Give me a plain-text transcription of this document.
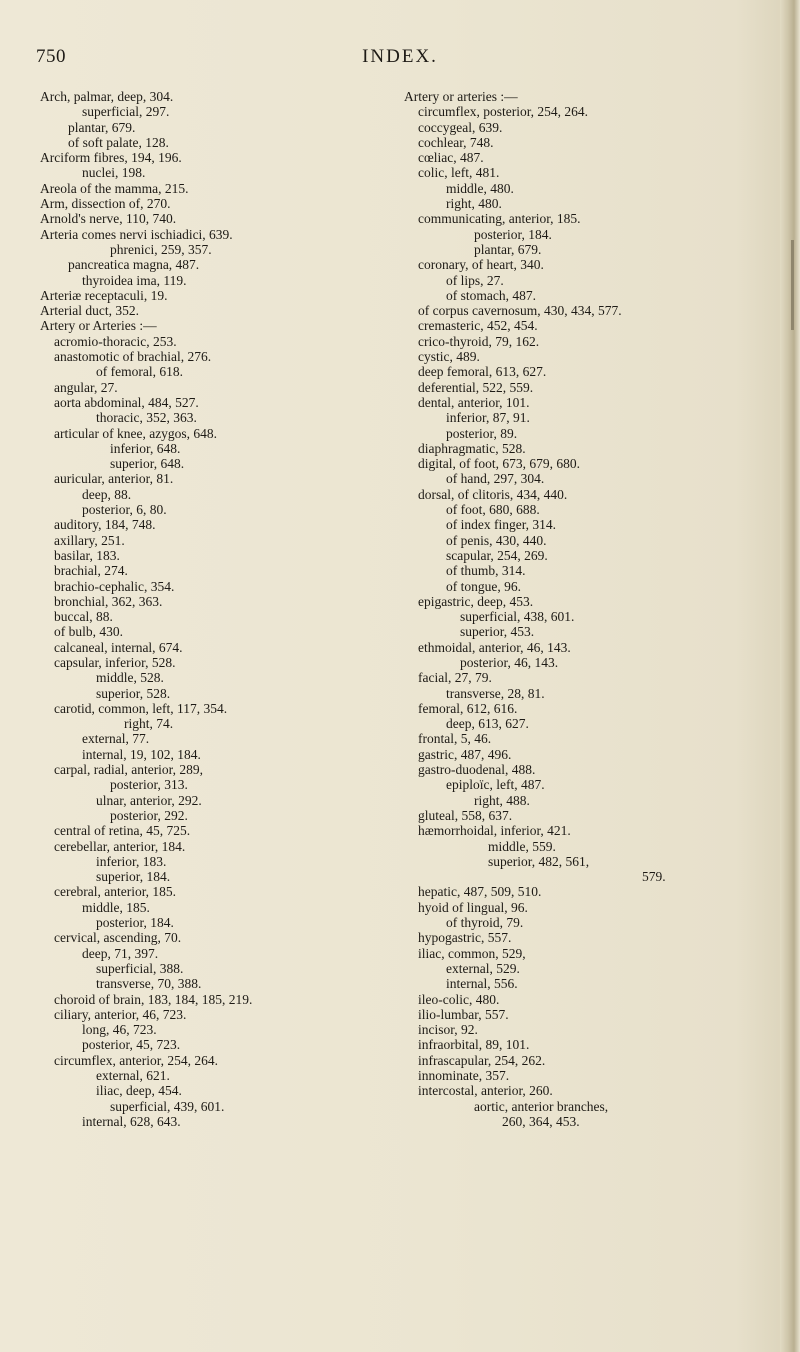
750	INDEX.
Arch, palmar, deep, 304.
superficial, 297.
plantar, 679.
of soft palate, 128.
Arciform fibres, 194, 196.
nuclei, 198.
Areola of the mamma, 215.
Arm, dissection of, 270.
Arnold's nerve, 110, 740.
Arteria comes nervi ischiadici, 639.
phrenici, 259, 357.
pancreatica magna, 487.
thyroidea ima, 119.
Arteriæ receptaculi, 19.
Arterial duct, 352.
Artery or Arteries :—
acromio-thoracic, 253.
anastomotic of brachial, 276.
of femoral, 618.
angular, 27.
aorta abdominal, 484, 527.
thoracic, 352, 363.
articular of knee, azygos, 648.
inferior, 648.
superior, 648.
auricular, anterior, 81.
deep, 88.
posterior, 6, 80.
auditory, 184, 748.
axillary, 251.
basilar, 183.
brachial, 274.
brachio-cephalic, 354.
bronchial, 362, 363.
buccal, 88.
of bulb, 430.
calcaneal, internal, 674.
capsular, inferior, 528.
middle, 528.
superior, 528.
carotid, common, left, 117, 354.
right, 74.
external, 77.
internal, 19, 102, 184.
carpal, radial, anterior, 289,
posterior, 313.
ulnar, anterior, 292.
posterior, 292.
central of retina, 45, 725.
cerebellar, anterior, 184.
inferior, 183.
superior, 184.
cerebral, anterior, 185.
middle, 185.
posterior, 184.
cervical, ascending, 70.
deep, 71, 397.
superficial, 388.
transverse, 70, 388.
choroid of brain, 183, 184, 185, 219.
ciliary, anterior, 46, 723.
long, 46, 723.
posterior, 45, 723.
circumflex, anterior, 254, 264.
external, 621.
iliac, deep, 454.
superficial, 439, 601.
internal, 628, 643.
Artery or arteries :—
circumflex, posterior, 254, 264.
coccygeal, 639.
cochlear, 748.
cœliac, 487.
colic, left, 481.
middle, 480.
right, 480.
communicating, anterior, 185.
posterior, 184.
plantar, 679.
coronary, of heart, 340.
of lips, 27.
of stomach, 487.
of corpus cavernosum, 430, 434, 577.
cremasteric, 452, 454.
crico-thyroid, 79, 162.
cystic, 489.
deep femoral, 613, 627.
deferential, 522, 559.
dental, anterior, 101.
inferior, 87, 91.
posterior, 89.
diaphragmatic, 528.
digital, of foot, 673, 679, 680.
of hand, 297, 304.
dorsal, of clitoris, 434, 440.
of foot, 680, 688.
of index finger, 314.
of penis, 430, 440.
scapular, 254, 269.
of thumb, 314.
of tongue, 96.
epigastric, deep, 453.
superficial, 438, 601.
superior, 453.
ethmoidal, anterior, 46, 143.
posterior, 46, 143.
facial, 27, 79.
transverse, 28, 81.
femoral, 612, 616.
deep, 613, 627.
frontal, 5, 46.
gastric, 487, 496.
gastro-duodenal, 488.
epiploïc, left, 487.
right, 488.
gluteal, 558, 637.
hæmorrhoidal, inferior, 421.
middle, 559.
superior, 482, 561,
579.
hepatic, 487, 509, 510.
hyoid of lingual, 96.
of thyroid, 79.
hypogastric, 557.
iliac, common, 529,
external, 529.
internal, 556.
ileo-colic, 480.
ilio-lumbar, 557.
incisor, 92.
infraorbital, 89, 101.
infrascapular, 254, 262.
innominate, 357.
intercostal, anterior, 260.
aortic, anterior branches,
260, 364, 453.
